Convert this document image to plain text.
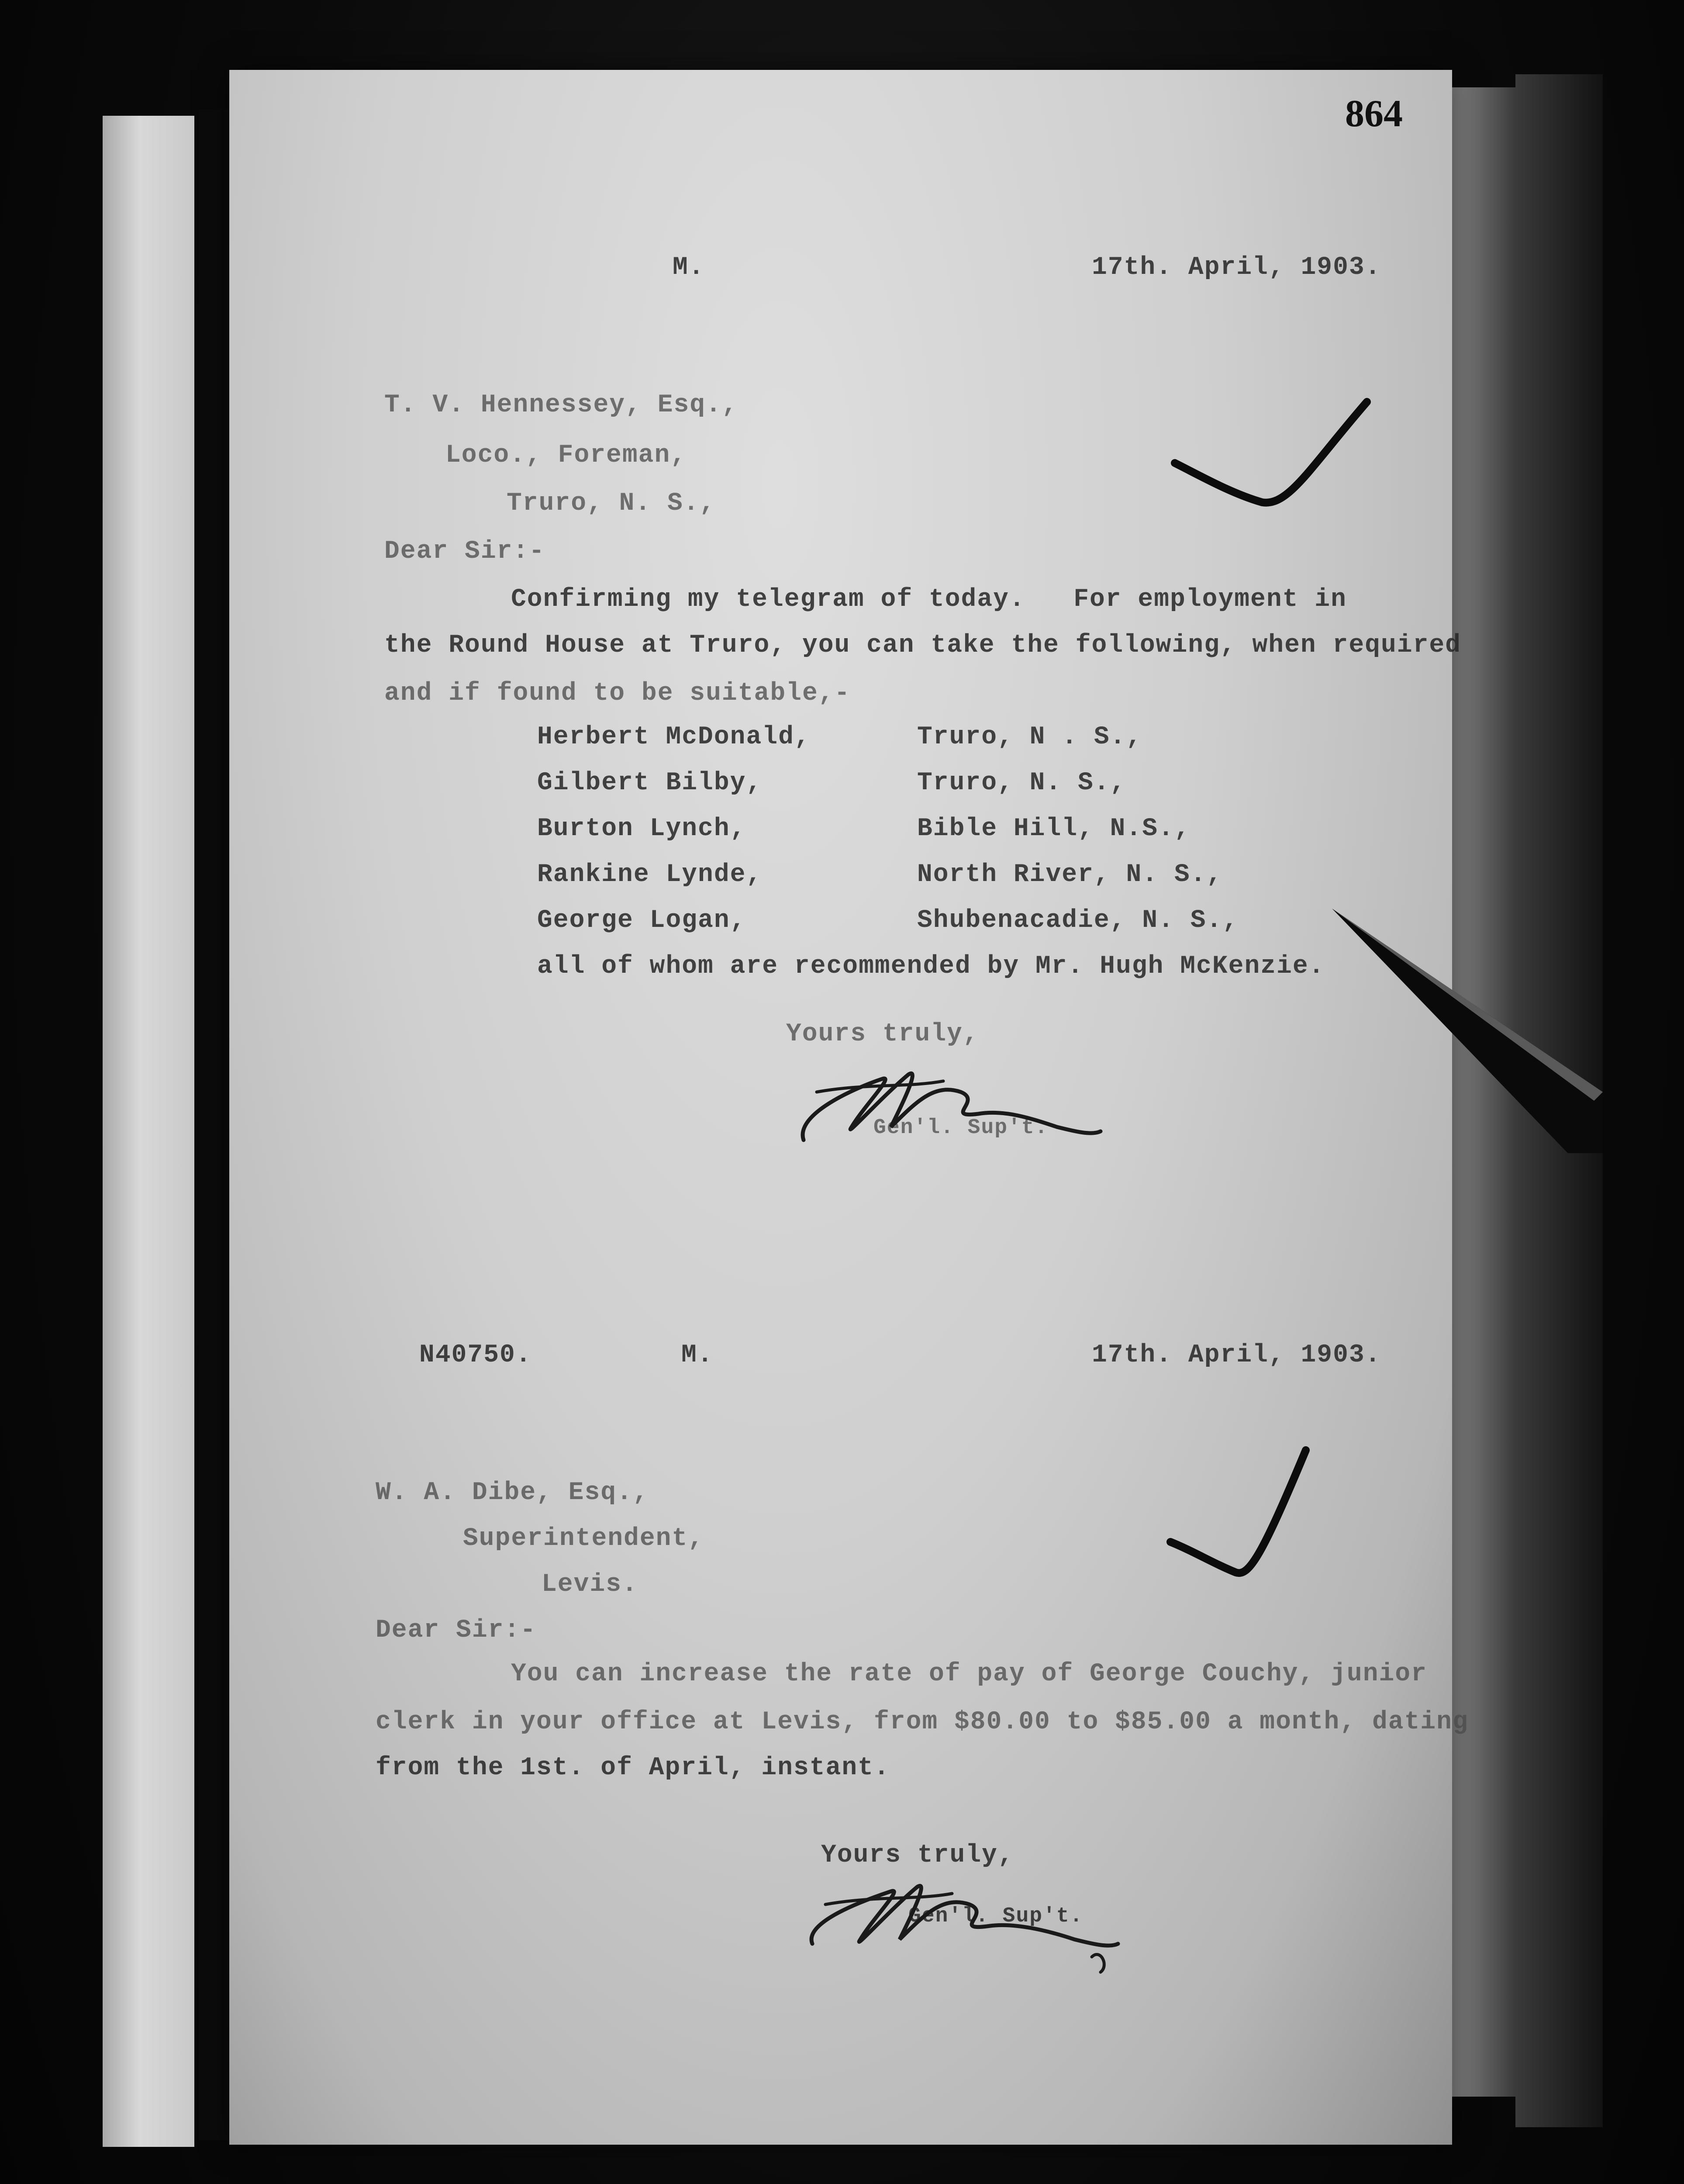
864
M.	17th. April, 1903.
T. V. Hennessey, Esq.,
Loco., Foreman,
Truro, N. S.,
Dear Sir:-
Confirming my telegram of today.   For employment in
the Round House at Truro, you can take the following, when required
and if found to be suitable,-
Herbert McDonald,	Truro, N . S.,
Gilbert Bilby,	Truro, N. S.,
Burton Lynch,	Bible Hill, N.S.,
Rankine Lynde,	North River, N. S.,
George Logan,	Shubenacadie, N. S.,
all of whom are recommended by Mr. Hugh McKenzie.
Yours truly,
Gen'l. Sup't.
N40750.	M.	17th. April, 1903.
W. A. Dibe, Esq.,
Superintendent,
Levis.
Dear Sir:-
You can increase the rate of pay of George Couchy, junior
clerk in your office at Levis, from $80.00 to $85.00 a month, dating
from the 1st. of April, instant.
Yours truly,
Gen'l. Sup't.
